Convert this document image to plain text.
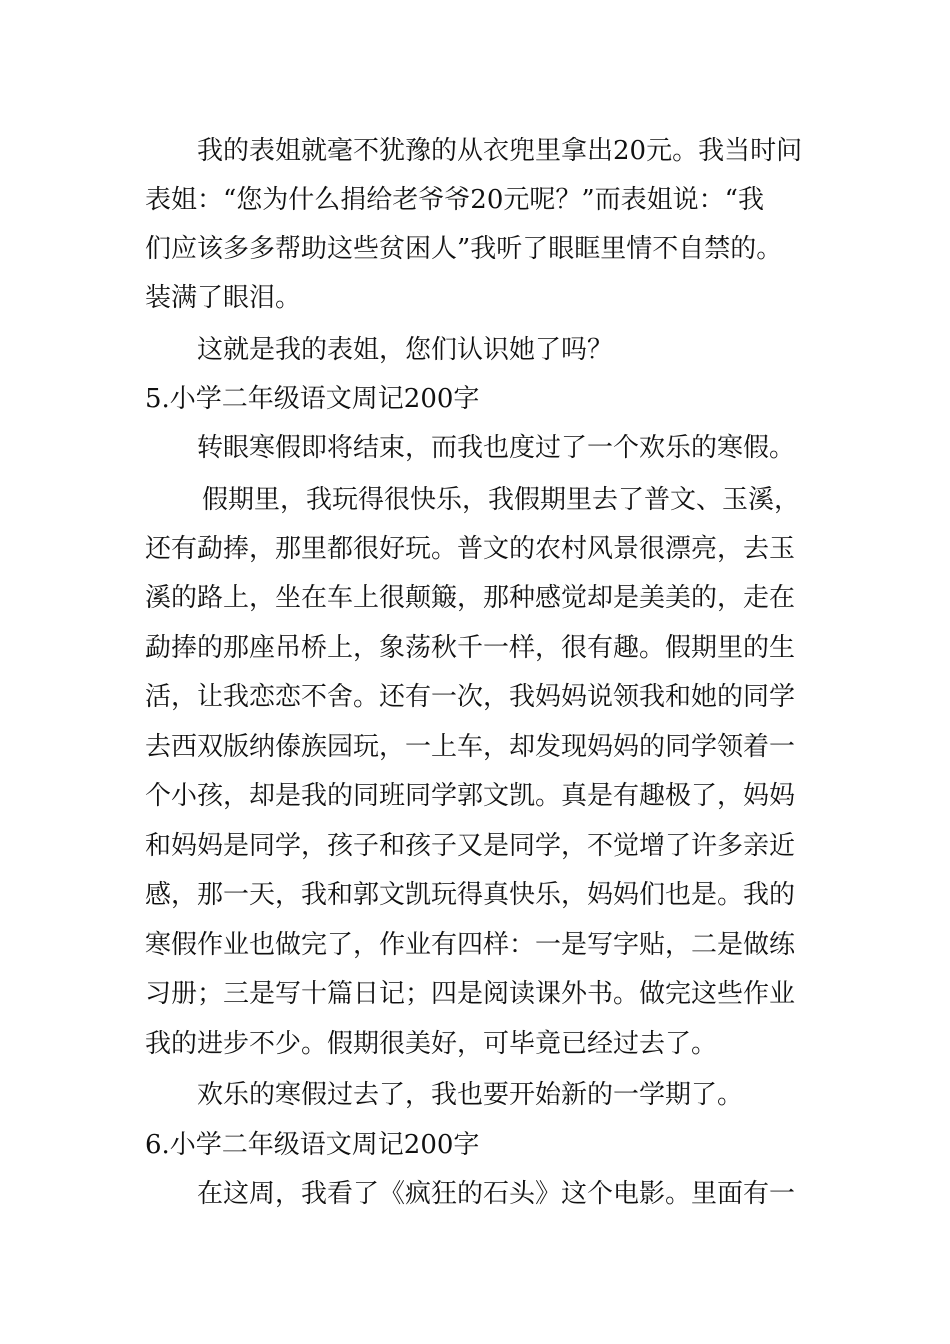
我的表姐就毫不犹豫的从衣兜里拿出20元。我当时问
表姐：“您为什么捐给老爷爷20元呢？”而表姐说：“我
们应该多多帮助这些贫困人”我听了眼眶里情不自禁的。
装满了眼泪。
这就是我的表姐，您们认识她了吗？
5.小学二年级语文周记200字
转眼寒假即将结束，而我也度过了一个欢乐的寒假。
假期里，我玩得很快乐，我假期里去了普文、玉溪，
还有勐捧，那里都很好玩。普文的农村风景很漂亮，去玉
溪的路上，坐在车上很颠簸，那种感觉却是美美的，走在
勐捧的那座吊桥上，象荡秋千一样，很有趣。假期里的生
活，让我恋恋不舍。还有一次，我妈妈说领我和她的同学
去西双版纳傣族园玩，一上车，却发现妈妈的同学领着一
个小孩，却是我的同班同学郭文凯。真是有趣极了，妈妈
和妈妈是同学，孩子和孩子又是同学，不觉增了许多亲近
感，那一天，我和郭文凯玩得真快乐，妈妈们也是。我的
寒假作业也做完了，作业有四样：一是写字贴，二是做练
习册；三是写十篇日记；四是阅读课外书。做完这些作业
我的进步不少。假期很美好，可毕竟已经过去了。
欢乐的寒假过去了，我也要开始新的一学期了。
6.小学二年级语文周记200字
在这周，我看了《疯狂的石头》这个电影。里面有一
